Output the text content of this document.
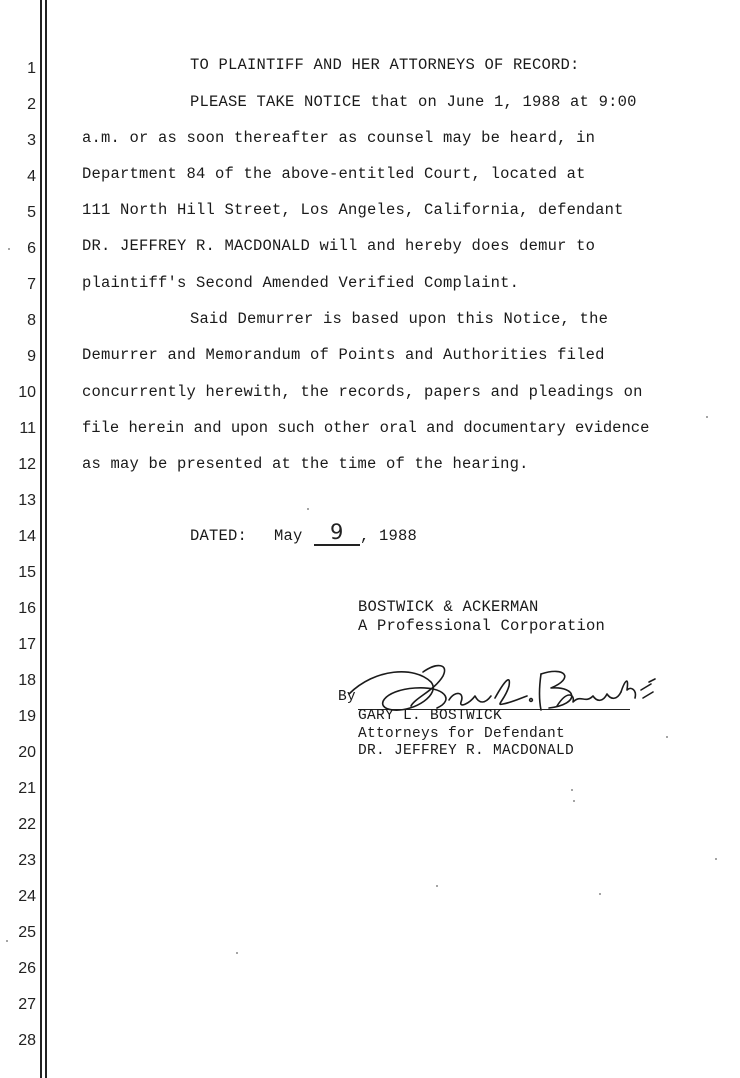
1
2
3
4
5
6
7
8
9
10
11
12
13
14
15
16
17
18
19
20
21
22
23
24
25
26
27
28
TO PLAINTIFF AND HER ATTORNEYS OF RECORD:
PLEASE TAKE NOTICE that on June 1, 1988 at 9:00
a.m. or as soon thereafter as counsel may be heard, in
Department 84 of the above-entitled Court, located at
111 North Hill Street, Los Angeles, California, defendant
DR. JEFFREY R. MACDONALD will and hereby does demur to
plaintiff's Second Amended Verified Complaint.
Said Demurrer is based upon this Notice, the
Demurrer and Memorandum of Points and Authorities filed
concurrently herewith, the records, papers and pleadings on
file herein and upon such other oral and documentary evidence
as may be presented at the time of the hearing.
DATED: May 9 , 1988
BOSTWICK & ACKERMAN
A Professional Corporation
By
GARY L. BOSTWICK
Attorneys for Defendant
DR. JEFFREY R. MACDONALD
